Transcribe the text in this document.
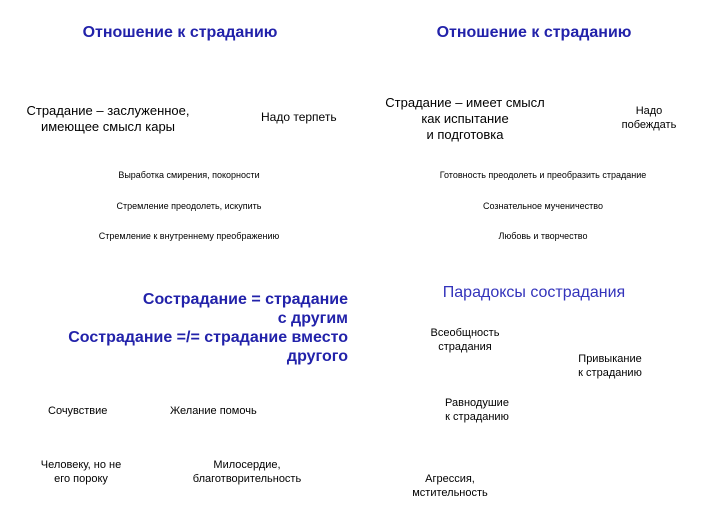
Отношение к страданию
Страдание – заслуженное,
имеющее смысл кары
Надо терпеть
Выработка смирения, покорности
Стремление преодолеть, искупить
Стремление к внутреннему преображению
Отношение к страданию
Страдание – имеет смысл
как испытание
и подготовка
Надо
побеждать
Готовность преодолеть и преобразить страдание
Сознательное мученичество
Любовь и творчество
Сострадание = страдание
с другим
Сострадание =/= страдание вместо
другого
Сочувствие	Желание помочь
Человеку, но не
его пороку
Милосердие,
благотворительность
Парадоксы сострадания
Всеобщность
страдания
Привыкание
к страданию
Равнодушие
к страданию
Агрессия,
мстительность
